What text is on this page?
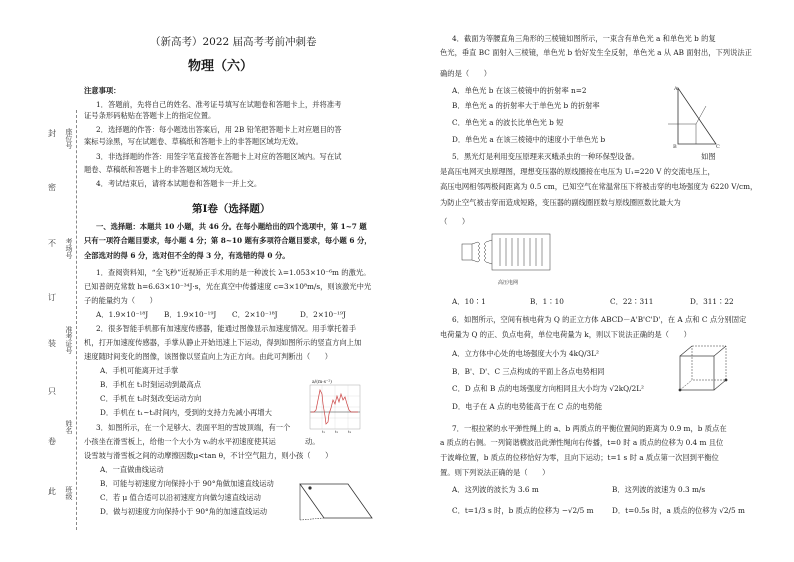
封
密
不
订
装
只
卷
此
座位号
考场号
准考证号
姓名
班级
（新高考）2022 届高考考前冲刺卷
物理（六）
注意事项：
1．答题前，先将自己的姓名、准考证号填写在试题卷和答题卡上，并将准考
证号条形码粘贴在答题卡上的指定位置。
2．选择题的作答：每小题选出答案后，用 2B 铅笔把答题卡上对应题目的答
案标号涂黑，写在试题卷、草稿纸和答题卡上的非答题区域均无效。
3．非选择题的作答：用签字笔直接答在答题卡上对应的答题区域内。写在试
题卷、草稿纸和答题卡上的非答题区域均无效。
4．考试结束后，请将本试题卷和答题卡一并上交。
第Ⅰ卷（选择题）
一、选择题：本题共 10 小题，共 46 分。在每小题给出的四个选项中，第 1~7 题
只有一项符合题目要求，每小题 4 分；第 8~10 题有多项符合题目要求，每小题 6 分，
全部选对的得 6 分，选对但不全的得 3 分，有选错的得 0 分。
1．查阅资料知，“全飞秒”近视矫正手术用的是一种波长 λ=1.053×10⁻⁶m 的激光。
已知普朗克常数 h=6.63×10⁻³⁴J·s，光在真空中传播速度 c=3×10⁸m/s，则该激光中光
子的能量约为（　　）
A．1.9×10⁻¹⁸J B．1.9×10⁻¹⁹J C．2×10⁻¹⁸J	D．2×10⁻¹⁹J
2．很多智能手机都有加速度传感器，能通过图像显示加速度情况。用手掌托着手
机，打开加速度传感器，手掌从静止开始迅速上下运动，得到如图所示的竖直方向上加
速度随时间变化的图像，该图像以竖直向上为正方向。由此可判断出（　　）
A．手机可能离开过手掌
B．手机在 t₁时刻运动到最高点
C．手机在 t₂时刻改变运动方向
D．手机在 t₁~t₃时间内，受到的支持力先减小再增大
a/(m·s⁻²)
t₁ t₂ t₃
3．如图所示，在一个足够大、表面平坦的雪坡顶端，有一个
小孩坐在滑雪板上，给他一个大小为 v₀的水平初速度使其运　　　　动。
设雪坡与滑雪板之间的动摩擦因数μ<tan θ，不计空气阻力，则小孩（　　）
A．一直做曲线运动
B．可能与初速度方向保持小于 90°角做加速直线运动
C．若 μ 值合适可以沿初速度方向做匀速直线运动
D．做与初速度方向保持小于 90°角的加速直线运动
4．截面为等腰直角三角形的三棱镜如图所示，一束含有单色光 a 和单色光 b 的复
色光，垂直 BC 面射入三棱镜，单色光 b 恰好发生全反射，单色光 a 从 AB 面射出，下列说法正
确的是（　　）
A．单色光 b 在该三棱镜中的折射率 n=2
B．单色光 a 的折射率大于单色光 b 的折射率
C．单色光 a 的波长比单色光 b 短
D．单色光 a 在该三棱镜中的速度小于单色光 b
A
B	C
5．黑光灯是利用变压原理来灭蛾杀虫的一种环保型设备。　　　　　　　　　如图
是高压电网灭虫原理图，理想变压器的原线圈接在电压为 U₁=220 V 的交流电压上，
高压电网相邻两极间距离为 0.5 cm，已知空气在常温常压下将被击穿的电场强度为 6220 V/cm，
为防止空气被击穿而造成短路，变压器的副线圈匝数与原线圈匝数比最大为
（　　）
高压电网
A．10∶1	B．1∶10	C．22∶311	D．311∶22
6．如图所示，空间有核电荷为 Q 的正立方体 ABCD－A'B'C'D'，在 A 点和 C 点分别固定
电荷量为 Q 的正、负点电荷，单位电荷量为 k，则以下说法正确的是（　　）
A．立方体中心处的电场强度大小为 4kQ/3L²
B．B'、D'、C 三点构成的平面上各点电势相同
C．D 点和 B 点的电场强度方向相同且大小均为 √2kQ/2L²
D．电子在 A 点的电势能高于在 C 点的电势能
7．一根拉紧的水平弹性绳上的 a、b 两质点的平衡位置间的距离为 0.9 m，b 质点在
a 质点的右侧。一列简谐横波沿此弹性绳向右传播，t=0 时 a 质点的位移为 0.4 m 且位
于波峰位置，b 质点的位移恰好为零，且向下运动；t=1 s 时 a 质点第一次回到平衡位
置。则下列说法正确的是（　　）
A．这列波的波长为 3.6 m	B．这列波的波速为 0.3 m/s
C．t=1/3 s 时，b 质点的位移为 −√2/5 m	D．t=0.5s 时，a 质点的位移为 √2/5 m
